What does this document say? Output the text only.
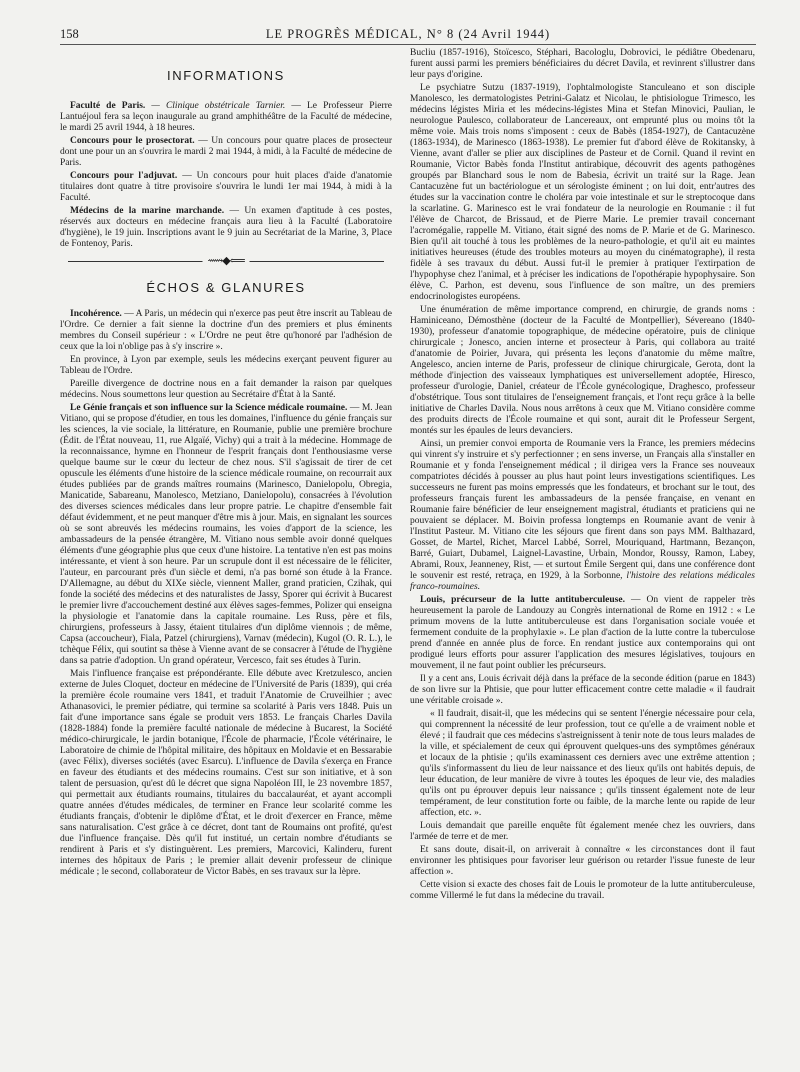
158	LE PROGRÈS MÉDICAL, N° 8 (24 Avril 1944)
INFORMATIONS

Faculté de Paris. — Clinique obstétricale Tarnier. — Le Professeur Pierre Lantuéjoul fera sa leçon inaugurale au grand amphithéâtre de la Faculté de médecine, le mardi 25 avril 1944, à 18 heures.

Concours pour le prosectorat. — Un concours pour quatre places de prosecteur dont une pour un an s'ouvrira le mardi 2 mai 1944, à midi, à la Faculté de médecine de Paris.

Concours pour l'adjuvat. — Un concours pour huit places d'aide d'anatomie titulaires dont quatre à titre provisoire s'ouvrira le lundi 1er mai 1944, à midi à la Faculté.

Médecins de la marine marchande. — Un examen d'aptitude à ces postes, réservés aux docteurs en médecine français aura lieu à la Faculté (Laboratoire d'hygiène), le 19 juin. Inscriptions avant le 9 juin au Secrétariat de la Marine, 3, Place de Fontenoy, Paris.

⟿◆⟸
ÉCHOS & GLANURES

Incohérence. — A Paris, un médecin qui n'exerce pas peut être inscrit au Tableau de l'Ordre. Ce dernier a fait sienne la doctrine d'un des premiers et plus éminents membres du Conseil supérieur : « L'Ordre ne peut être qu'honoré par l'adhésion de ceux que la loi n'oblige pas à s'y inscrire ».

En province, à Lyon par exemple, seuls les médecins exerçant peuvent figurer au Tableau de l'Ordre.

Pareille divergence de doctrine nous en a fait demander la raison par quelques médecins. Nous soumettons leur question au Secrétaire d'État à la Santé.

Le Génie français et son influence sur la Science médicale roumaine. — M. Jean Vitiano, qui se propose d'étudier, en tous les domaines, l'influence du génie français sur les sciences, la vie sociale, la littérature, en Roumanie, publie une première brochure (Édit. de l'État nouveau, 11, rue Algaïé, Vichy) qui a trait à la médecine. Hommage de la reconnaissance, hymne en l'honneur de l'esprit français dont l'enthousiasme verse quelque baume sur le cœur du lecteur de chez nous. S'il s'agissait de tirer de cet opuscule les éléments d'une histoire de la science médicale roumaine, on recourrait aux études publiées par de grands maîtres roumains (Marinesco, Danielopolu, Obregia, Manicatide, Sabareanu, Manolesco, Metziano, Danielopolu), consacrées à l'évolution des diverses sciences médicales dans leur propre patrie. Le chapitre d'ensemble fait défaut évidemment, et ne peut manquer d'être mis à jour. Mais, en signalant les sources où se sont abreuvés les médecins roumains, les voies d'apport de la science, les ambassadeurs de la pensée étrangère, M. Vitiano nous semble avoir donné quelques éléments d'une géographie plus que ceux d'une histoire. La tentative n'en est pas moins intéressante, et vient à son heure. Par un scrupule dont il est nécessaire de le féliciter, l'auteur, en parcourant près d'un siècle et demi, n'a pas borné son étude à la France. D'Allemagne, au début du XIXe siècle, viennent Maller, grand praticien, Czihak, qui fonde la société des médecins et des naturalistes de Jassy, Sporer qui écrivit à Bucarest le premier livre d'accouchement destiné aux élèves sages-femmes, Polizer qui enseigna la physiologie et l'anatomie dans la capitale roumaine. Les Russ, père et fils, chirurgiens, professeurs à Jassy, étaient titulaires d'un diplôme viennois ; de même, Capsa (accoucheur), Fiala, Patzel (chirurgiens), Varnav (médecin), Kugol (O. R. L.), le tchèque Félix, qui soutint sa thèse à Vienne avant de se consacrer à l'étude de l'hygiène dans sa patrie d'adoption. Un grand opérateur, Vercesco, fait ses études à Turin.

Mais l'influence française est prépondérante. Elle débute avec Kretzulesco, ancien externe de Jules Cloquet, docteur en médecine de l'Université de Paris (1839), qui créa la première école roumaine vers 1841, et traduit l'Anatomie de Cruveilhier ; avec Athanasovici, le premier pédiatre, qui termine sa scolarité à Paris vers 1848. Puis un fait d'une importance sans égale se produit vers 1853. Le français Charles Davila (1828-1884) fonde la première faculté nationale de médecine à Bucarest, la Société médico-chirurgicale, le jardin botanique, l'École de pharmacie, l'École vétérinaire, le Laboratoire de chimie de l'hôpital militaire, des hôpitaux en Moldavie et en Bessarabie (avec Félix), diverses sociétés (avec Esarcu). L'influence de Davila s'exerça en France en faveur des étudiants et des médecins roumains. C'est sur son initiative, et à son talent de persuasion, qu'est dû le décret que signa Napoléon III, le 23 novembre 1857, qui permettait aux étudiants roumains, titulaires du baccalauréat, et ayant accompli quatre années d'études médicales, de terminer en France leur scolarité comme les étudiants français, d'obtenir le diplôme d'État, et le droit d'exercer en France, même sans naturalisation. C'est grâce à ce décret, dont tant de Roumains ont profité, qu'est due l'influence française. Dès qu'il fut institué, un certain nombre d'étudiants se rendirent à Paris et s'y distinguèrent. Les premiers, Marcovici, Kalinderu, furent internes des hôpitaux de Paris ; le premier allait devenir professeur de clinique médicale ; le second, collaborateur de Victor Babès, en ses travaux sur la lèpre.

Bucliu (1857-1916), Stoïcesco, Stéphari, Bacologlu, Dobrovici, le pédiâtre Obedenaru, furent aussi parmi les premiers bénéficiaires du décret Davila, et revinrent s'illustrer dans leur pays d'origine.

Le psychiatre Sutzu (1837-1919), l'ophtalmologiste Stanculeano et son disciple Manolesco, les dermatologistes Petrini-Galatz et Nicolau, le phtisiologue Trimesco, les médecins légistes Miria et les médecins-légistes Mina et Stefan Minovici, Paulian, le neurologue Paulesco, collaborateur de Lancereaux, ont emprunté plus ou moins tôt la même voie. Mais trois noms s'imposent : ceux de Babès (1854-1927), de Cantacuzène (1863-1934), de Marinesco (1863-1938). Le premier fut d'abord élève de Rokitansky, à Vienne, avant d'aller se plier aux disciplines de Pasteur et de Cornil. Quand il revint en Roumanie, Victor Babès fonda l'Institut antirabique, découvrit des agents pathogènes groupés par Blanchard sous le nom de Babesia, écrivit un traité sur la Rage. Jean Cantacuzène fut un bactériologue et un sérologiste éminent ; on lui doit, entr'autres des études sur la vaccination contre le choléra par voie intestinale et sur le streptocoque dans la scarlatine. G. Marinesco est le vrai fondateur de la neurologie en Roumanie : il fut l'élève de Charcot, de Brissaud, et de Pierre Marie. Le premier travail concernant l'acromégalie, rappelle M. Vitiano, était signé des noms de P. Marie et de G. Marinesco. Bien qu'il ait touché à tous les problèmes de la neuro-pathologie, et qu'il ait eu maintes initiatives heureuses (étude des troubles moteurs au moyen du cinématographe), il resta fidèle à ses travaux du début. Aussi fut-il le premier à pratiquer l'extirpation de l'hypophyse chez l'animal, et à préciser les indications de l'opothérapie hypophysaire. Son élève, C. Parhon, est devenu, sous l'influence de son maître, un des premiers endocrinologistes européens.

Une énumération de même importance comprend, en chirurgie, de grands noms : Haminiceano, Démosthène (docteur de la Faculté de Montpellier), Sévereano (1840-1930), professeur d'anatomie topographique, de médecine opératoire, puis de clinique chirurgicale ; Jonesco, ancien interne et prosecteur à Paris, qui collabora au traité d'anatomie de Poirier, Juvara, qui présenta les leçons d'anatomie du même maître, Angelesco, ancien interne de Paris, professeur de clinique chirurgicale, Gerota, dont la méthode d'injection des vaisseaux lymphatiques est universellement adoptée, Hiresco, professeur d'urologie, Daniel, créateur de l'École gynécologique, Draghesco, professeur d'obstétrique. Tous sont titulaires de l'enseignement français, et l'ont reçu grâce à la belle initiative de Charles Davila. Nous nous arrêtons à ceux que M. Vitiano considère comme des produits directs de l'École roumaine et qui sont, aurait dit le Professeur Sergent, montés sur les épaules de leurs devanciers.

Ainsi, un premier convoi emporta de Roumanie vers la France, les premiers médecins qui vinrent s'y instruire et s'y perfectionner ; en sens inverse, un Français alla s'installer en Roumanie et y fonda l'enseignement médical ; il dirigea vers la France ses nouveaux compatriotes décidés à pousser au plus haut point leurs investigations scientifiques. Les successeurs ne furent pas moins empressés que les fondateurs, et brochant sur le tout, des professeurs français furent les ambassadeurs de la pensée française, en venant en Roumanie faire bénéficier de leur enseignement magistral, étudiants et praticiens qui ne pouvaient se déplacer. M. Boivin professa longtemps en Roumanie avant de venir à l'Institut Pasteur. M. Vitiano cite les séjours que firent dans son pays MM. Balthazard, Gosset, de Martel, Richet, Marcel Labbé, Sorrel, Mouriquand, Hartmann, Bezançon, Barré, Guiart, Dubamel, Laignel-Lavastine, Urbain, Mondor, Roussy, Ramon, Labey, Abrami, Roux, Jeanneney, Rist, — et surtout Émile Sergent qui, dans une conférence dont le souvenir est resté, retraça, en 1929, à la Sorbonne, l'histoire des relations médicales franco-roumaines.

Louis, précurseur de la lutte antituberculeuse. — On vient de rappeler très heureusement la parole de Landouzy au Congrès international de Rome en 1912 : « Le primum movens de la lutte antituberculeuse est dans l'organisation sociale vouée et fermement conduite de la prophylaxie ». Le plan d'action de la lutte contre la tuberculose prend d'année en année plus de force. En rendant justice aux contemporains qui ont prodigué leurs efforts pour assurer l'application des mesures législatives, toujours en mouvement, il ne faut point oublier les précurseurs.

Il y a cent ans, Louis écrivait déjà dans la préface de la seconde édition (parue en 1843) de son livre sur la Phtisie, que pour lutter efficacement contre cette maladie « il faudrait une véritable croisade ».

« Il faudrait, disait-il, que les médecins qui se sentent l'énergie nécessaire pour cela, qui comprennent la nécessité de leur profession, tout ce qu'elle a de vraiment noble et élevé ; il faudrait que ces médecins s'astreignissent à tenir note de tous leurs malades de la ville, et spécialement de ceux qui éprouvent quelques-uns des symptômes généraux et locaux de la phtisie ; qu'ils examinassent ces derniers avec une extrême attention ; qu'ils s'informassent du lieu de leur naissance et des lieux qu'ils ont habités depuis, de leur éducation, de leur manière de vivre à toutes les époques de leur vie, des maladies qu'ils ont pu éprouver depuis leur naissance ; qu'ils tinssent également note de leur tempérament, de leur constitution forte ou faible, de la marche lente ou rapide de leur affection, etc. ».

Louis demandait que pareille enquête fût également menée chez les ouvriers, dans l'armée de terre et de mer.

Et sans doute, disait-il, on arriverait à connaître « les circonstances dont il faut environner les phtisiques pour favoriser leur guérison ou retarder l'issue funeste de leur affection ».

Cette vision si exacte des choses fait de Louis le promoteur de la lutte antituberculeuse, comme Villermé le fut dans la médecine du travail.
